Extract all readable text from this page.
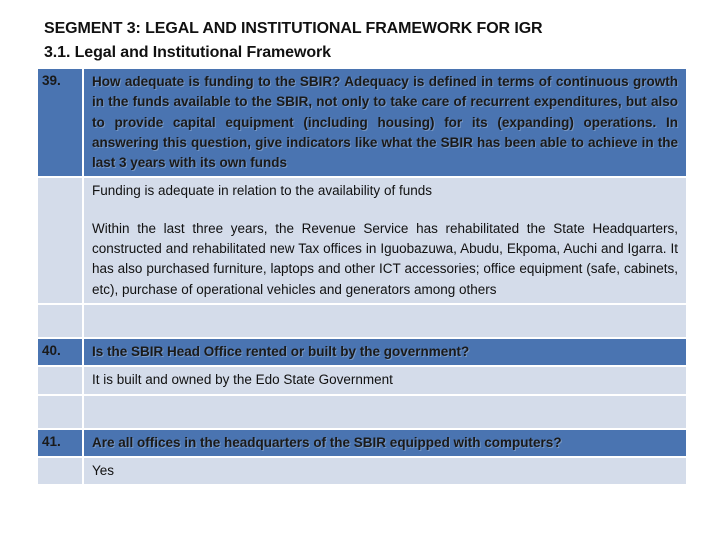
SEGMENT 3: LEGAL AND INSTITUTIONAL FRAMEWORK FOR IGR
3.1. Legal and Institutional Framework
39.	How adequate is funding to the SBIR? Adequacy is defined in terms of continuous growth in the funds available to the SBIR, not only to take care of recurrent expenditures, but also to provide capital equipment (including housing) for its (expanding) operations. In answering this question, give indicators like what the SBIR has been able to achieve in the last 3 years with its own funds

	Funding is adequate in relation to the availability of funds
Within the last three years, the Revenue Service has rehabilitated the State Headquarters, constructed and rehabilitated new Tax offices in Iguobazuwa, Abudu, Ekpoma, Auchi and Igarra. It has also purchased furniture, laptops and other ICT accessories; office equipment (safe, cabinets, etc), purchase of operational vehicles and generators among others

40.	Is the SBIR Head Office rented or built by the government?

	It is built and owned by the Edo State Government

41.	Are all offices in the headquarters of the SBIR equipped with computers?

	Yes
